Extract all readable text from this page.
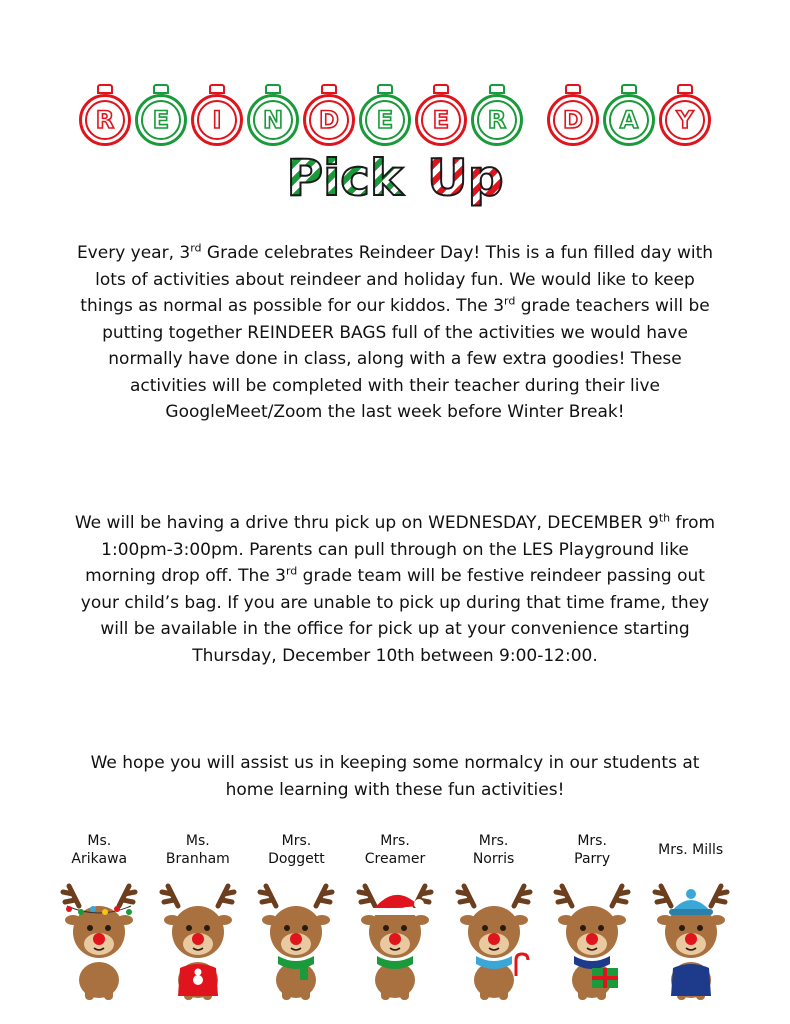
R E I N D E E R D A Y
Pick Up
Every year, 3rd Grade celebrates Reindeer Day! This is a fun filled day with lots of activities about reindeer and holiday fun. We would like to keep things as normal as possible for our kiddos. The 3rd grade teachers will be putting together REINDEER BAGS full of the activities we would have normally have done in class, along with a few extra goodies! These activities will be completed with their teacher during their live GoogleMeet/Zoom the last week before Winter Break!
We will be having a drive thru pick up on WEDNESDAY, DECEMBER 9th from 1:00pm-3:00pm. Parents can pull through on the LES Playground like morning drop off. The 3rd grade team will be festive reindeer passing out your child’s bag. If you are unable to pick up during that time frame, they will be available in the office for pick up at your convenience starting Thursday, December 10th between 9:00-12:00.
We hope you will assist us in keeping some normalcy in our students at home learning with these fun activities!
Ms.
Arikawa
Ms.
Branham
Mrs.
Doggett
Mrs.
Creamer
Mrs.
Norris
Mrs.
Parry
Mrs. Mills
